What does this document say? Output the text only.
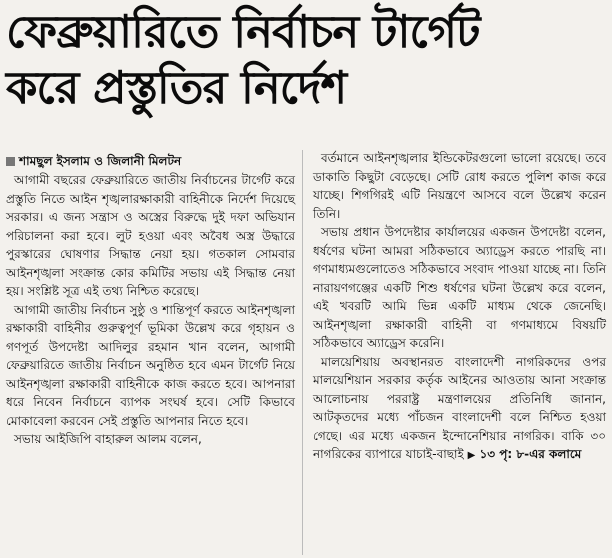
ফেব্রুয়ারিতে নির্বাচন টার্গেট
করে প্রস্তুতির নির্দেশ
শামছুল ইসলাম ও জিলানী মিলটন

আগামী বছরের ফেব্রুয়ারিতে জাতীয় নির্বাচনের টার্গেট করে প্রস্তুতি নিতে আইন শৃঙ্খলারক্ষাকারী বাহিনীকে নির্দেশ দিয়েছে সরকার। এ জন্য সন্ত্রাস ও অস্ত্রের বিরুদ্ধে দুই দফা অভিযান পরিচালনা করা হবে। লুট হওয়া এবং অবৈধ অস্ত্র উদ্ধারে পুরস্কারের ঘোষণার সিদ্ধান্ত নেয়া হয়। গতকাল সোমবার আইনশৃঙ্খলা সংক্রান্ত কোর কমিটির সভায় এই সিদ্ধান্ত নেয়া হয়। সংশ্লিষ্ট সূত্র এই তথ্য নিশ্চিত করেছে।

আগামী জাতীয় নির্বাচন সুষ্ঠু ও শান্তিপূর্ণ করতে আইনশৃঙ্খলা রক্ষাকারী বাহিনীর গুরুত্বপূর্ণ ভূমিকা উল্লেখ করে গৃহায়ন ও গণপূর্ত উপদেষ্টা আদিলুর রহমান খান বলেন, আগামী ফেব্রুয়ারিতে জাতীয় নির্বাচন অনুষ্ঠিত হবে এমন টার্গেট নিয়ে আইনশৃঙ্খলা রক্ষাকারী বাহিনীকে কাজ করতে হবে। আপনারা ধরে নিবেন নির্বাচনে ব্যাপক সংঘর্ষ হবে। সেটি কিভাবে মোকাবেলা করবেন সেই প্রস্তুতি আপনার নিতে হবে।

সভায় আইজিপি বাহারুল আলম বলেন,

বর্তমানে আইনশৃঙ্খলার ইন্ডিকেটরগুলো ভালো রয়েছে। তবে ডাকাতি কিছুটা বেড়েছে। সেটি রোধ করতে পুলিশ কাজ করে যাচ্ছে। শিগগিরই এটি নিয়ন্ত্রণে আসবে বলে উল্লেখ করেন তিনি।

সভায় প্রধান উপদেষ্টার কার্যালয়ের একজন উপদেষ্টা বলেন, ধর্ষণের ঘটনা আমরা সঠিকভাবে অ্যাড্রেস করতে পারছি না। গণমাধ্যমগুলোতেও সঠিকভাবে সংবাদ পাওয়া যাচ্ছে না। তিনি নারায়ণগঞ্জের একটি শিশু ধর্ষণের ঘটনা উল্লেখ করে বলেন, এই খবরটি আমি ভিন্ন একটি মাধ্যম থেকে জেনেছি। আইনশৃঙ্খলা রক্ষাকারী বাহিনী বা গণমাধ্যমে বিষয়টি সঠিকভাবে অ্যাড্রেস করেনি।

মালয়েশিয়ায় অবস্থানরত বাংলাদেশী নাগরিকদের ওপর মালয়েশিয়ান সরকার কর্তৃক আইনের আওতায় আনা সংক্রান্ত আলোচনায় পররাষ্ট্র মন্ত্রণালয়ের প্রতিনিধি জানান, আটকৃতদের মধ্যে পাঁচজন বাংলাদেশী বলে নিশ্চিত হওয়া গেছে। এর মধ্যে একজন ইন্দোনেশিয়ার নাগরিক। বাকি ৩০ নাগরিকের ব্যাপারে যাচাই-বাছাই ▶ ১৩ পৃ: ৮-এর কলামে
